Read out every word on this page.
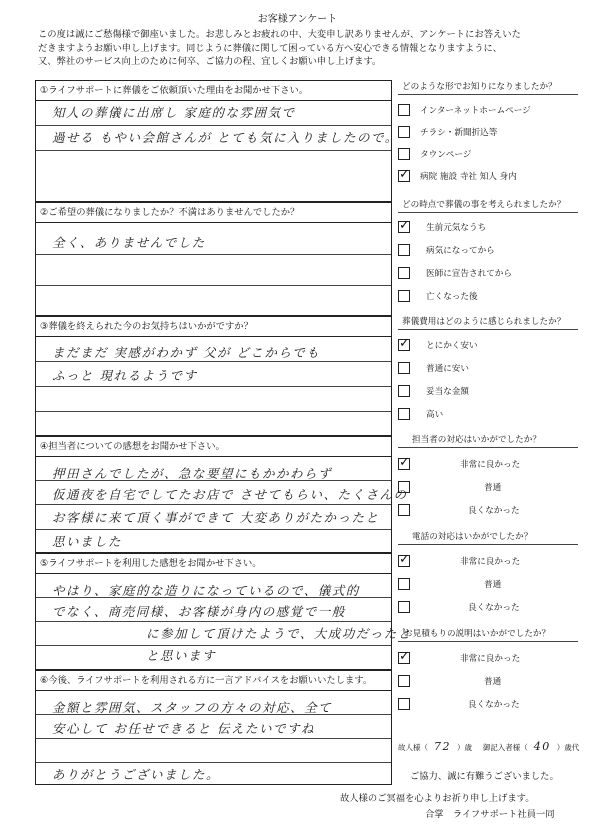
お客様アンケート
この度は誠にご愁傷様で御座いました。お悲しみとお疲れの中、大変申し訳ありませんが、アンケートにお答えいた
だきますようお願い申し上げます。同じように葬儀に関して困っている方へ安心できる情報となりますように、
又、弊社のサービス向上のために何卒、ご協力の程、宜しくお願い申し上げます。
①ライフサポートに葬儀をご依頼頂いた理由をお聞かせ下さい。
知人の葬儀に出席し 家庭的な雰囲気で
過せる もやい会館さんが とても気に入りましたので。
②ご希望の葬儀になりましたか？不満はありませんでしたか？
全く、ありませんでした
③葬儀を終えられた今のお気持ちはいかがですか？
まだまだ 実感がわかず 父が どこからでも
ふっと 現れるようです
④担当者についての感想をお聞かせ下さい。
押田さんでしたが、急な要望にもかかわらず
仮通夜を自宅でしてたお店で させてもらい、たくさんの
お客様に来て頂く事ができて 大変ありがたかったと
思いました
⑤ライフサポートを利用した感想をお聞かせ下さい。
やはり、家庭的な造りになっているので、儀式的
でなく、商売同様、お客様が身内の感覚で一般
に参加して頂けたようで、大成功だったと
と思います
⑥今後、ライフサポートを利用される方に一言アドバイスをお願いいたします。
金額と雰囲気、スタッフの方々の対応、全て
安心して お任せできると 伝えたいですね
ありがとうございました。
どのような形でお知りになりましたか？
インターネットホームページ
チラシ・新聞折込等
タウンページ
✓ 病院 施設 寺社 知人 身内
どの時点で葬儀の事を考えられましたか？
✓ 生前元気なうち
病気になってから
医師に宣告されてから
亡くなった後
葬儀費用はどのように感じられましたか？
✓ とにかく安い
普通に安い
妥当な金額
高い
担当者の対応はいかがでしたか？
✓	非常に良かった
普通
良くなかった
電話の対応はいかがでしたか？
✓	非常に良かった
普通
良くなかった
お見積もりの説明はいかがでしたか？
✓	非常に良かった
普通
良くなかった
故人様（ 72 ）歳 御記入者様（ 40 ）歳代
ご協力、誠に有難うございました。
故人様のご冥福を心よりお祈り申し上げます。
合掌　ライフサポート社員一同
